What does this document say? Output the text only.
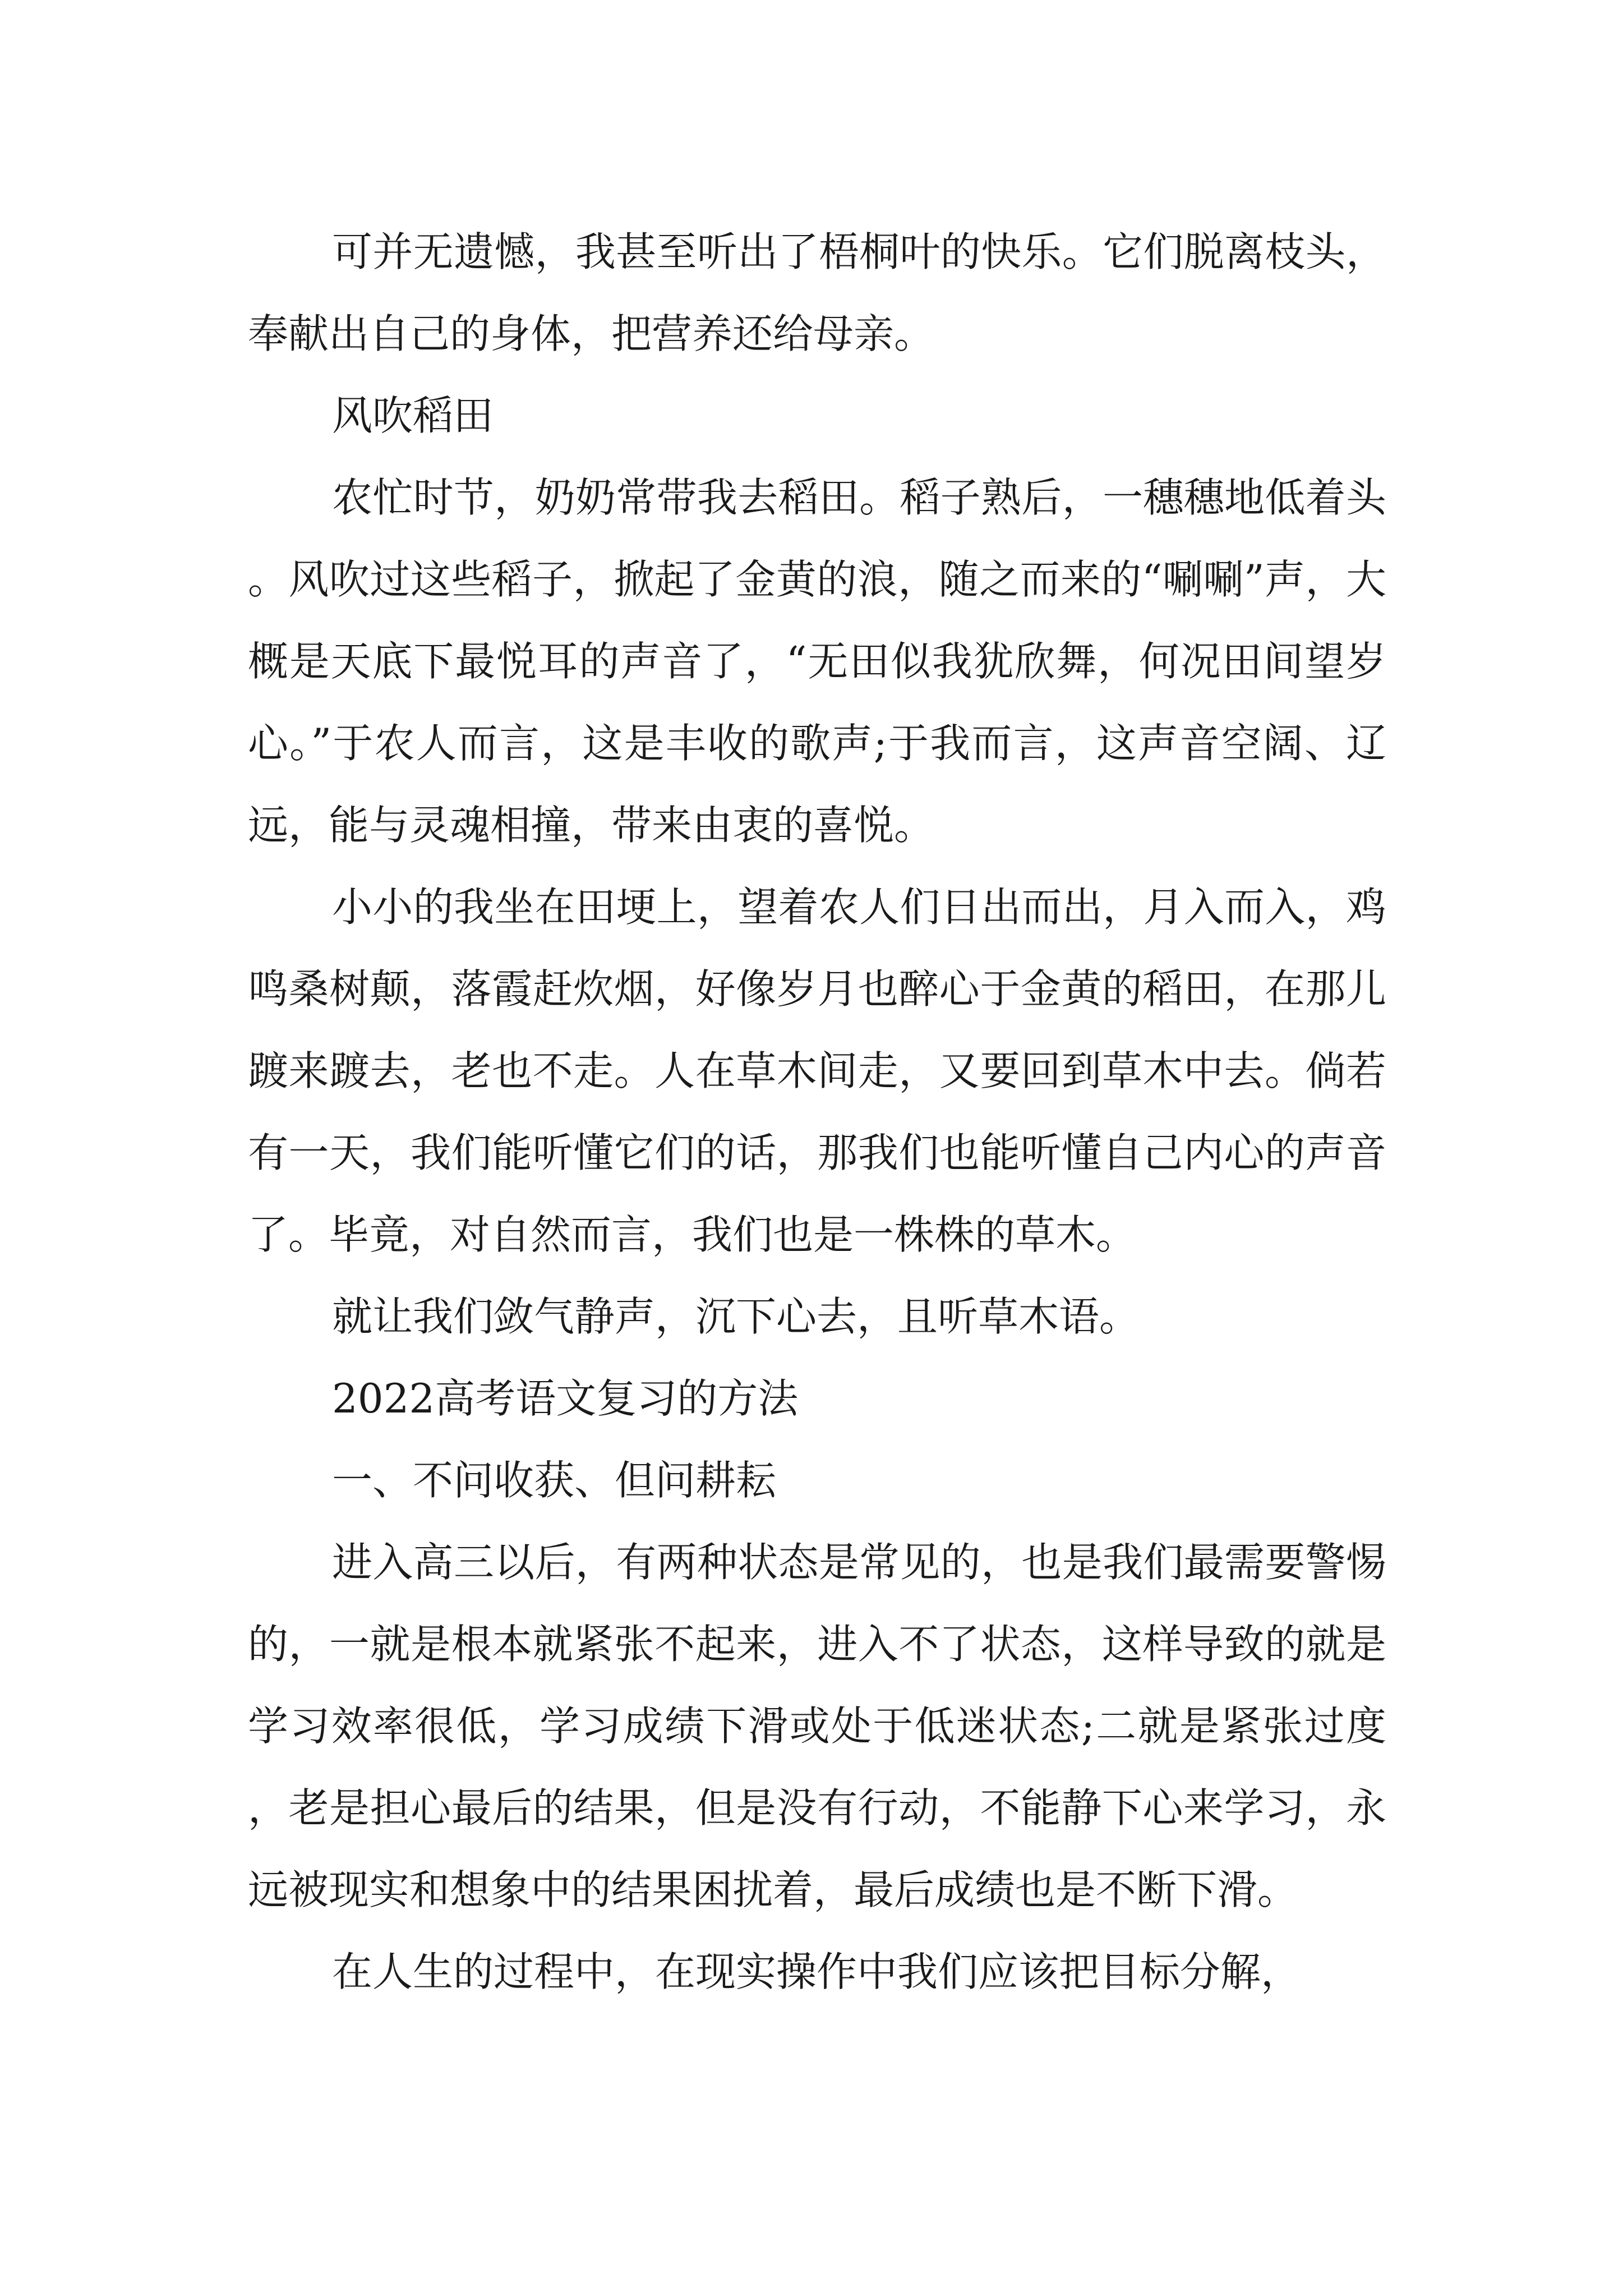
可并无遗憾，我甚至听出了梧桐叶的快乐。它们脱离枝头，奉献出自己的身体，把营养还给母亲。

风吹稻田

农忙时节，奶奶常带我去稻田。稻子熟后，一穗穗地低着头。风吹过这些稻子，掀起了金黄的浪，随之而来的“唰唰”声，大概是天底下最悦耳的声音了，“无田似我犹欣舞，何况田间望岁心。”于农人而言，这是丰收的歌声;于我而言，这声音空阔、辽远，能与灵魂相撞，带来由衷的喜悦。

小小的我坐在田埂上，望着农人们日出而出，月入而入，鸡鸣桑树颠，落霞赶炊烟，好像岁月也醉心于金黄的稻田，在那儿踱来踱去，老也不走。人在草木间走，又要回到草木中去。倘若有一天，我们能听懂它们的话，那我们也能听懂自己内心的声音了。毕竟，对自然而言，我们也是一株株的草木。

就让我们敛气静声，沉下心去，且听草木语。

2022高考语文复习的方法

一、不问收获、但问耕耘

进入高三以后，有两种状态是常见的，也是我们最需要警惕的，一就是根本就紧张不起来，进入不了状态，这样导致的就是学习效率很低，学习成绩下滑或处于低迷状态;二就是紧张过度，老是担心最后的结果，但是没有行动，不能静下心来学习，永远被现实和想象中的结果困扰着，最后成绩也是不断下滑。

在人生的过程中，在现实操作中我们应该把目标分解，
